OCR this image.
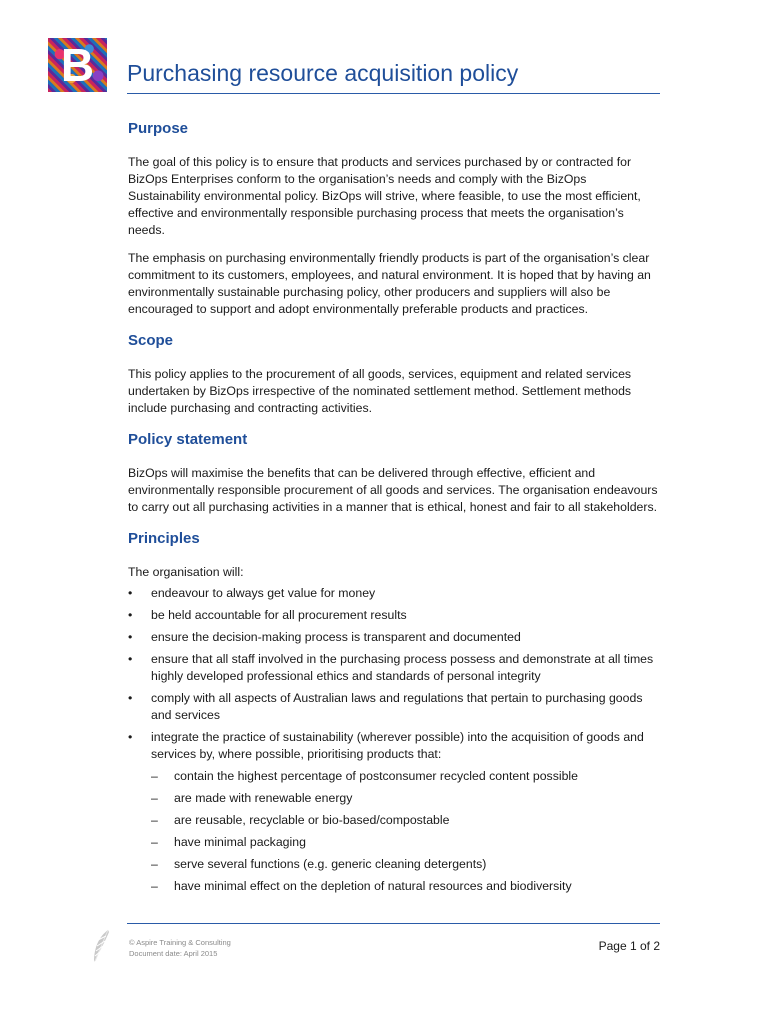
B	Purchasing resource acquisition policy
Purpose

The goal of this policy is to ensure that products and services purchased by or contracted for BizOps Enterprises conform to the organisation’s needs and comply with the BizOps Sustainability environmental policy. BizOps will strive, where feasible, to use the most efficient, effective and environmentally responsible purchasing process that meets the organisation’s needs.

The emphasis on purchasing environmentally friendly products is part of the organisation’s clear commitment to its customers, employees, and natural environment. It is hoped that by having an environmentally sustainable purchasing policy, other producers and suppliers will also be encouraged to support and adopt environmentally preferable products and practices.

Scope

This policy applies to the procurement of all goods, services, equipment and related services undertaken by BizOps irrespective of the nominated settlement method. Settlement methods include purchasing and contracting activities.

Policy statement

BizOps will maximise the benefits that can be delivered through effective, efficient and environmentally responsible procurement of all goods and services. The organisation endeavours to carry out all purchasing activities in a manner that is ethical, honest and fair to all stakeholders.

Principles

The organisation will:

• endeavour to always get value for money
• be held accountable for all procurement results
• ensure the decision-making process is transparent and documented
• ensure that all staff involved in the purchasing process possess and demonstrate at all times highly developed professional ethics and standards of personal integrity
• comply with all aspects of Australian laws and regulations that pertain to purchasing goods and services
• integrate the practice of sustainability (wherever possible) into the acquisition of goods and services by, where possible, prioritising products that:
– contain the highest percentage of postconsumer recycled content possible
– are made with renewable energy
– are reusable, recyclable or bio-based/compostable
– have minimal packaging
– serve several functions (e.g. generic cleaning detergents)
– have minimal effect on the depletion of natural resources and biodiversity
© Aspire Training & Consulting
Document date: April 2015
Page 1 of 2
